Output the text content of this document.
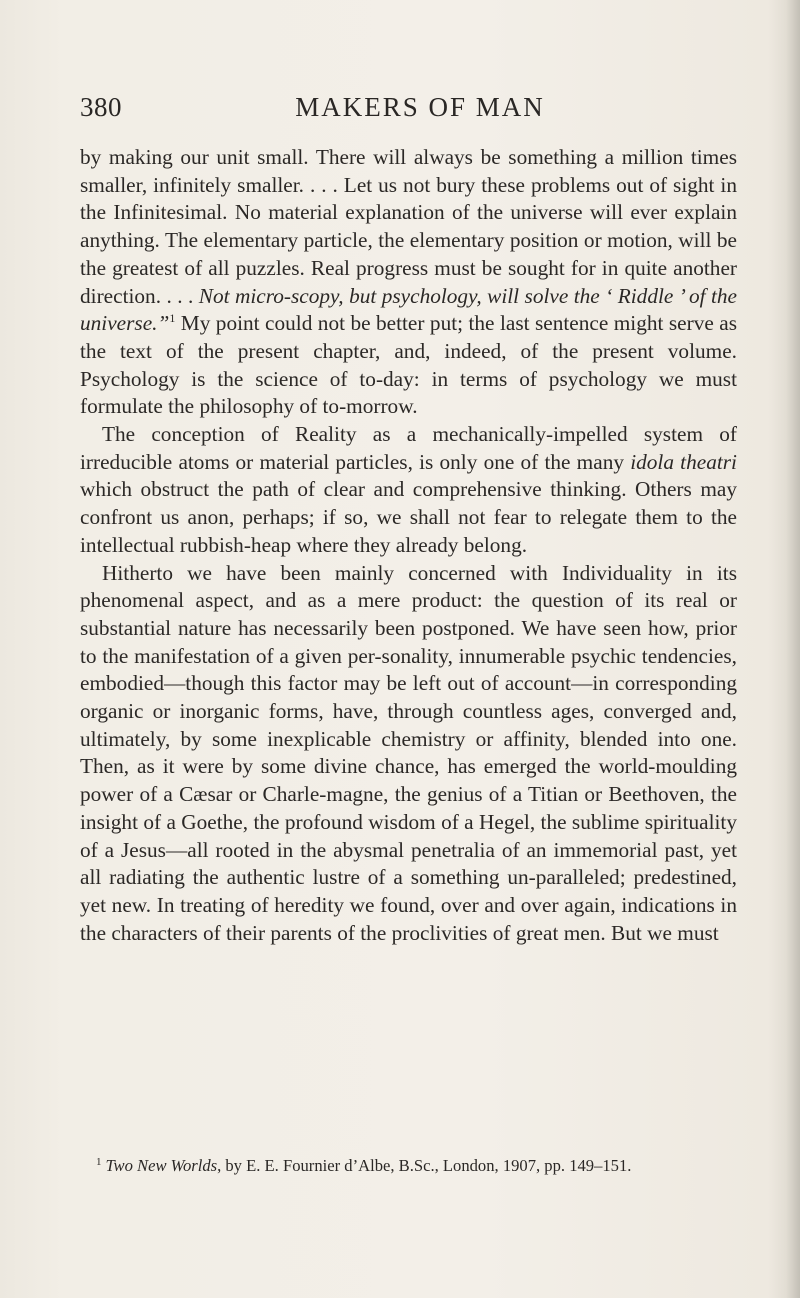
380	MAKERS OF MAN

by making our unit small. There will always be something a million times smaller, infinitely smaller. . . . Let us not bury these problems out of sight in the Infinitesimal. No material explanation of the universe will ever explain anything. The elementary particle, the elementary position or motion, will be the greatest of all puzzles. Real progress must be sought for in quite another direction. . . . Not micro-scopy, but psychology, will solve the ‘ Riddle ’ of the universe.”$^1$ My point could not be better put; the last sentence might serve as the text of the present chapter, and, indeed, of the present volume. Psychology is the science of to-day: in terms of psychology we must formulate the philosophy of to-morrow.

The conception of Reality as a mechanically-impelled system of irreducible atoms or material particles, is only one of the many idola theatri which obstruct the path of clear and comprehensive thinking. Others may confront us anon, perhaps; if so, we shall not fear to relegate them to the intellectual rubbish-heap where they already belong.

Hitherto we have been mainly concerned with Individuality in its phenomenal aspect, and as a mere product: the question of its real or substantial nature has necessarily been postponed. We have seen how, prior to the manifestation of a given per-sonality, innumerable psychic tendencies, embodied—though this factor may be left out of account—in corresponding organic or inorganic forms, have, through countless ages, converged and, ultimately, by some inexplicable chemistry or affinity, blended into one. Then, as it were by some divine chance, has emerged the world-moulding power of a Cæsar or Charle-magne, the genius of a Titian or Beethoven, the insight of a Goethe, the profound wisdom of a Hegel, the sublime spirituality of a Jesus—all rooted in the abysmal penetralia of an immemorial past, yet all radiating the authentic lustre of a something un-paralleled; predestined, yet new. In treating of heredity we found, over and over again, indications in the characters of their parents of the proclivities of great men. But we must

$^1$ Two New Worlds, by E. E. Fournier d’Albe, B.Sc., London, 1907, pp. 149–151.
